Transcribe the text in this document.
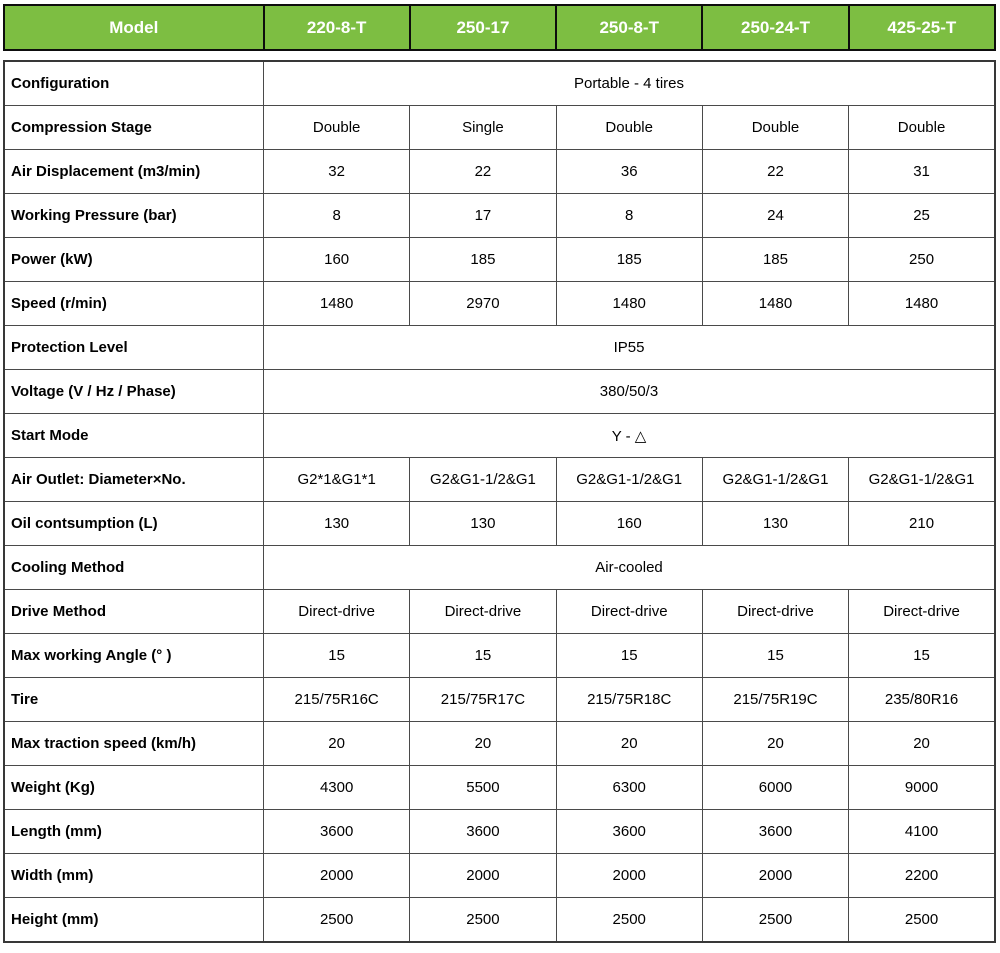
Model	220-8-T	250-17	250-8-T	250-24-T	425-25-T
Configuration	Portable - 4 tires				
Compression Stage	Double	Single	Double	Double	Double
Air Displacement (m3/min)	32	22	36	22	31
Working Pressure (bar)	8	17	8	24	25
Power (kW)	160	185	185	185	250
Speed (r/min)	1480	2970	1480	1480	1480
Protection Level	IP55				
Voltage (V / Hz / Phase)	380/50/3				
Start Mode	Y - △				
Air Outlet: Diameter×No.	G2*1&G1*1	G2&G1-1/2&G1	G2&G1-1/2&G1	G2&G1-1/2&G1	G2&G1-1/2&G1
Oil contsumption (L)	130	130	160	130	210
Cooling Method	Air-cooled				
Drive Method	Direct-drive	Direct-drive	Direct-drive	Direct-drive	Direct-drive
Max working Angle (° )	15	15	15	15	15
Tire	215/75R16C	215/75R17C	215/75R18C	215/75R19C	235/80R16
Max traction speed (km/h)	20	20	20	20	20
Weight (Kg)	4300	5500	6300	6000	9000
Length (mm)	3600	3600	3600	3600	4100
Width (mm)	2000	2000	2000	2000	2200
Height (mm)	2500	2500	2500	2500	2500
